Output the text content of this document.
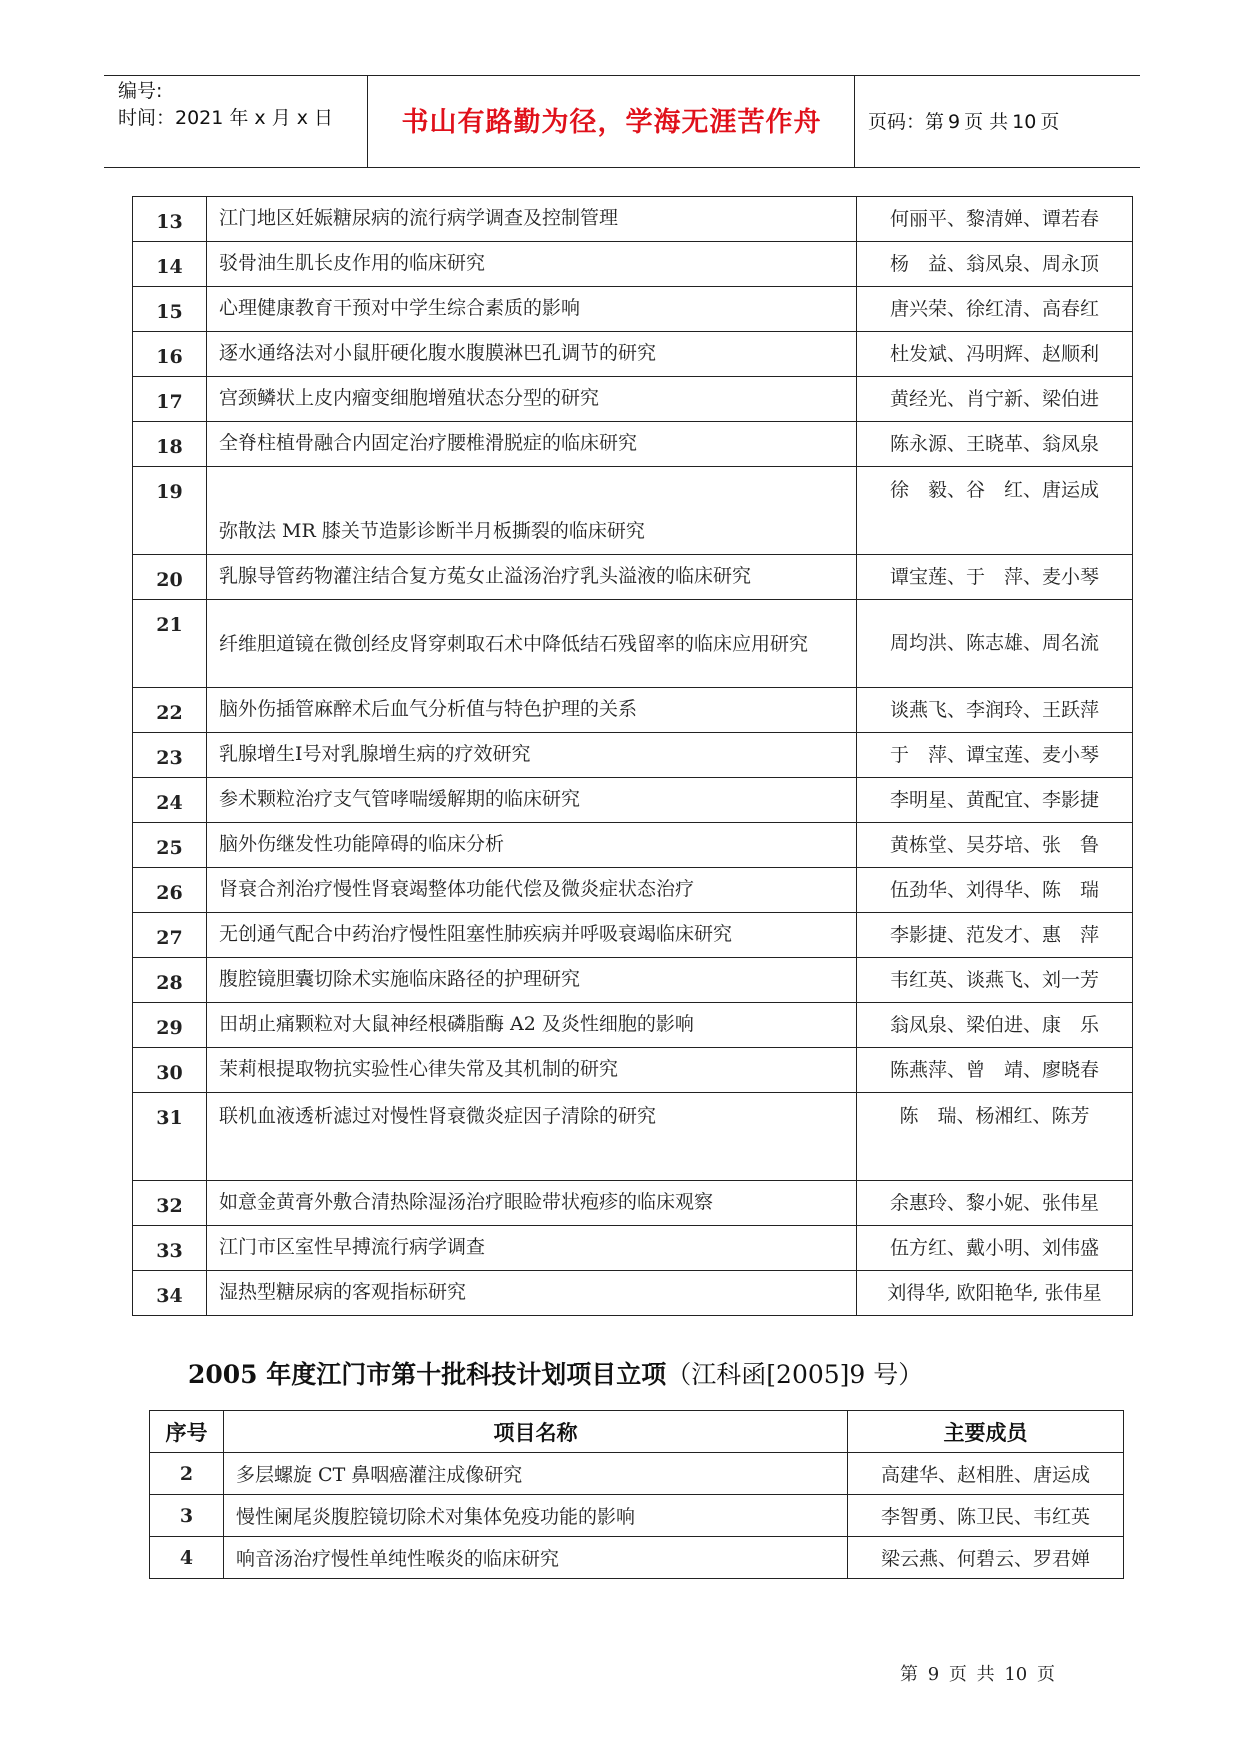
编号:
时间：2021 年 x 月 x 日	书山有路勤为径，学海无涯苦作舟	页码：第 9 页 共 10 页
13	江门地区妊娠糖尿病的流行病学调查及控制管理	何丽平、黎清婵、谭若春
14	驳骨油生肌长皮作用的临床研究	杨　益、翁凤泉、周永顶
15	心理健康教育干预对中学生综合素质的影响	唐兴荣、徐红清、高春红
16	逐水通络法对小鼠肝硬化腹水腹膜淋巴孔调节的研究	杜发斌、冯明辉、赵顺利
17	宫颈鳞状上皮内瘤变细胞增殖状态分型的研究	黄经光、肖宁新、梁伯进
18	全脊柱植骨融合内固定治疗腰椎滑脱症的临床研究	陈永源、王晓革、翁凤泉
19	弥散法 MR 膝关节造影诊断半月板撕裂的临床研究	徐　毅、谷　红、唐运成
20	乳腺导管药物灌注结合复方菟女止溢汤治疗乳头溢液的临床研究	谭宝莲、于　萍、麦小琴
21	纤维胆道镜在微创经皮肾穿刺取石术中降低结石残留率的临床应用研究	周均洪、陈志雄、周名流
22	脑外伤插管麻醉术后血气分析值与特色护理的关系	谈燕飞、李润玲、王跃萍
23	乳腺增生Ⅰ号对乳腺增生病的疗效研究	于　萍、谭宝莲、麦小琴
24	参术颗粒治疗支气管哮喘缓解期的临床研究	李明星、黄配宜、李影捷
25	脑外伤继发性功能障碍的临床分析	黄栋堂、吴芬培、张　鲁
26	肾衰合剂治疗慢性肾衰竭整体功能代偿及微炎症状态治疗	伍劲华、刘得华、陈　瑞
27	无创通气配合中药治疗慢性阻塞性肺疾病并呼吸衰竭临床研究	李影捷、范发才、惠　萍
28	腹腔镜胆囊切除术实施临床路径的护理研究	韦红英、谈燕飞、刘一芳
29	田胡止痛颗粒对大鼠神经根磷脂酶 A2 及炎性细胞的影响	翁凤泉、梁伯进、康　乐
30	茉莉根提取物抗实验性心律失常及其机制的研究	陈燕萍、曾　靖、廖晓春
31	联机血液透析滤过对慢性肾衰微炎症因子清除的研究	陈　瑞、杨湘红、陈芳
32	如意金黄膏外敷合清热除湿汤治疗眼睑带状疱疹的临床观察	余惠玲、黎小妮、张伟星
33	江门市区室性早搏流行病学调查	伍方红、戴小明、刘伟盛
34	湿热型糖尿病的客观指标研究	刘得华, 欧阳艳华, 张伟星
2005 年度江门市第十批科技计划项目立项（江科函[2005]9 号）
序号	项目名称	主要成员
2	多层螺旋 CT 鼻咽癌灌注成像研究	高建华、赵相胜、唐运成
3	慢性阑尾炎腹腔镜切除术对集体免疫功能的影响	李智勇、陈卫民、韦红英
4	响音汤治疗慢性单纯性喉炎的临床研究	梁云燕、何碧云、罗君婵
第 9 页 共 10 页
